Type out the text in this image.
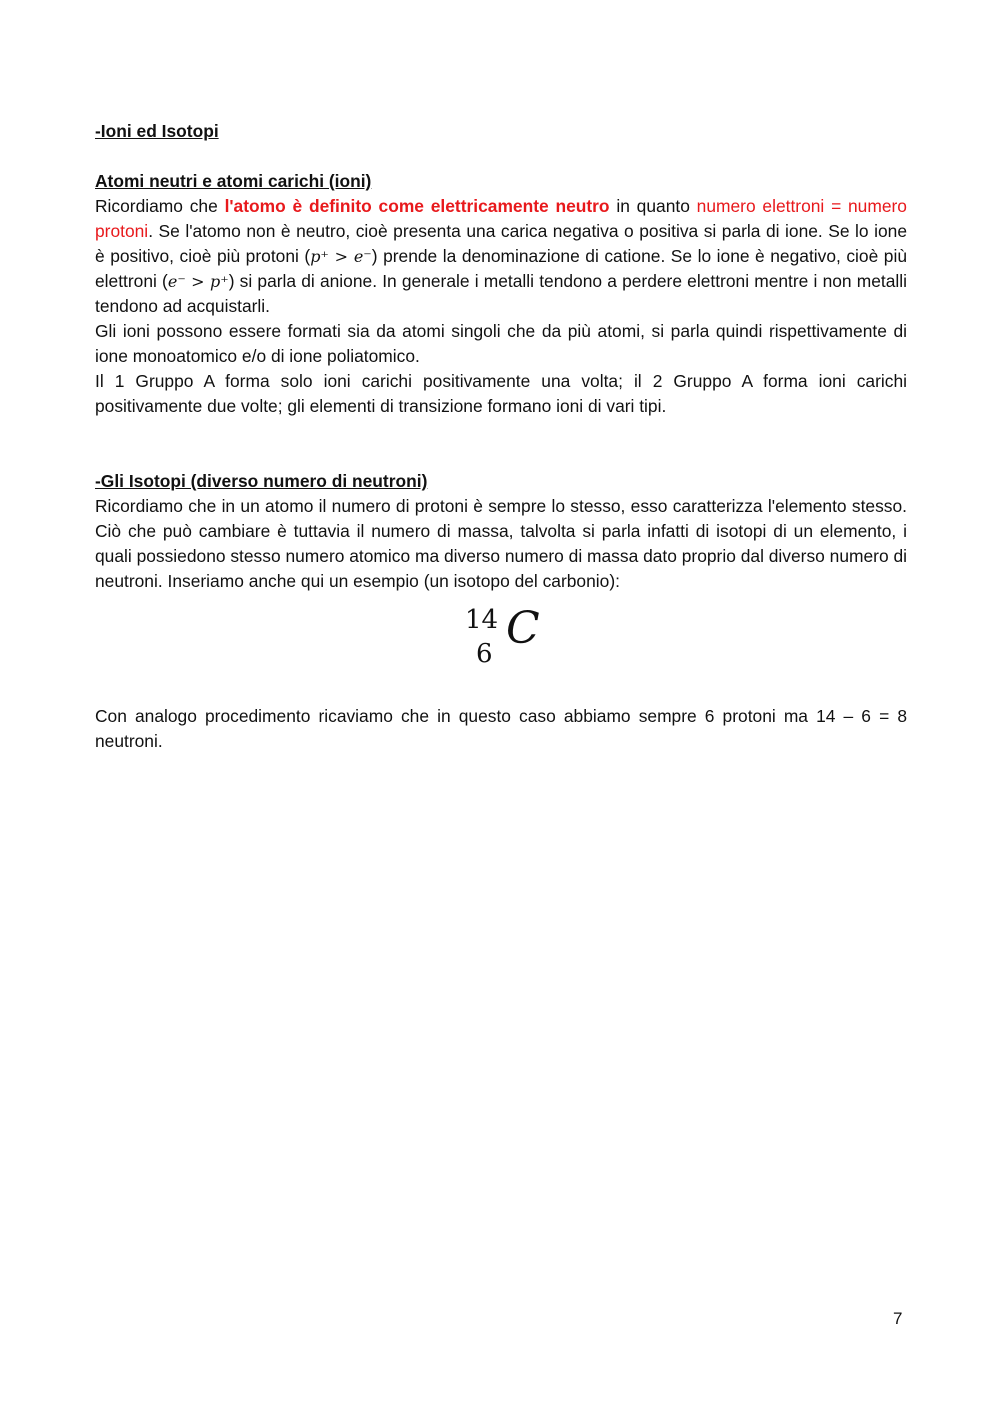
-Ioni ed Isotopi
Atomi neutri e atomi carichi (ioni)

Ricordiamo che l'atomo è definito come elettricamente neutro in quanto numero elettroni = numero protoni. Se l'atomo non è neutro, cioè presenta una carica negativa o positiva si parla di ione. Se lo ione è positivo, cioè più protoni (p⁺ > e⁻) prende la denominazione di catione. Se lo ione è negativo, cioè più elettroni (e⁻ > p⁺) si parla di anione. In generale i metalli tendono a perdere elettroni mentre i non metalli tendono ad acquistarli.

Gli ioni possono essere formati sia da atomi singoli che da più atomi, si parla quindi rispettivamente di ione monoatomico e/o di ione poliatomico.

Il 1 Gruppo A forma solo ioni carichi positivamente una volta; il 2 Gruppo A forma ioni carichi positivamente due volte; gli elementi di transizione formano ioni di vari tipi.

-Gli Isotopi (diverso numero di neutroni)

Ricordiamo che in un atomo il numero di protoni è sempre lo stesso, esso caratterizza l'elemento stesso. Ciò che può cambiare è tuttavia il numero di massa, talvolta si parla infatti di isotopi di un elemento, i quali possiedono stesso numero atomico ma diverso numero di massa dato proprio dal diverso numero di neutroni. Inseriamo anche qui un esempio (un isotopo del carbonio):

14
6 C

Con analogo procedimento ricaviamo che in questo caso abbiamo sempre 6 protoni ma 14 – 6 = 8 neutroni.

7
